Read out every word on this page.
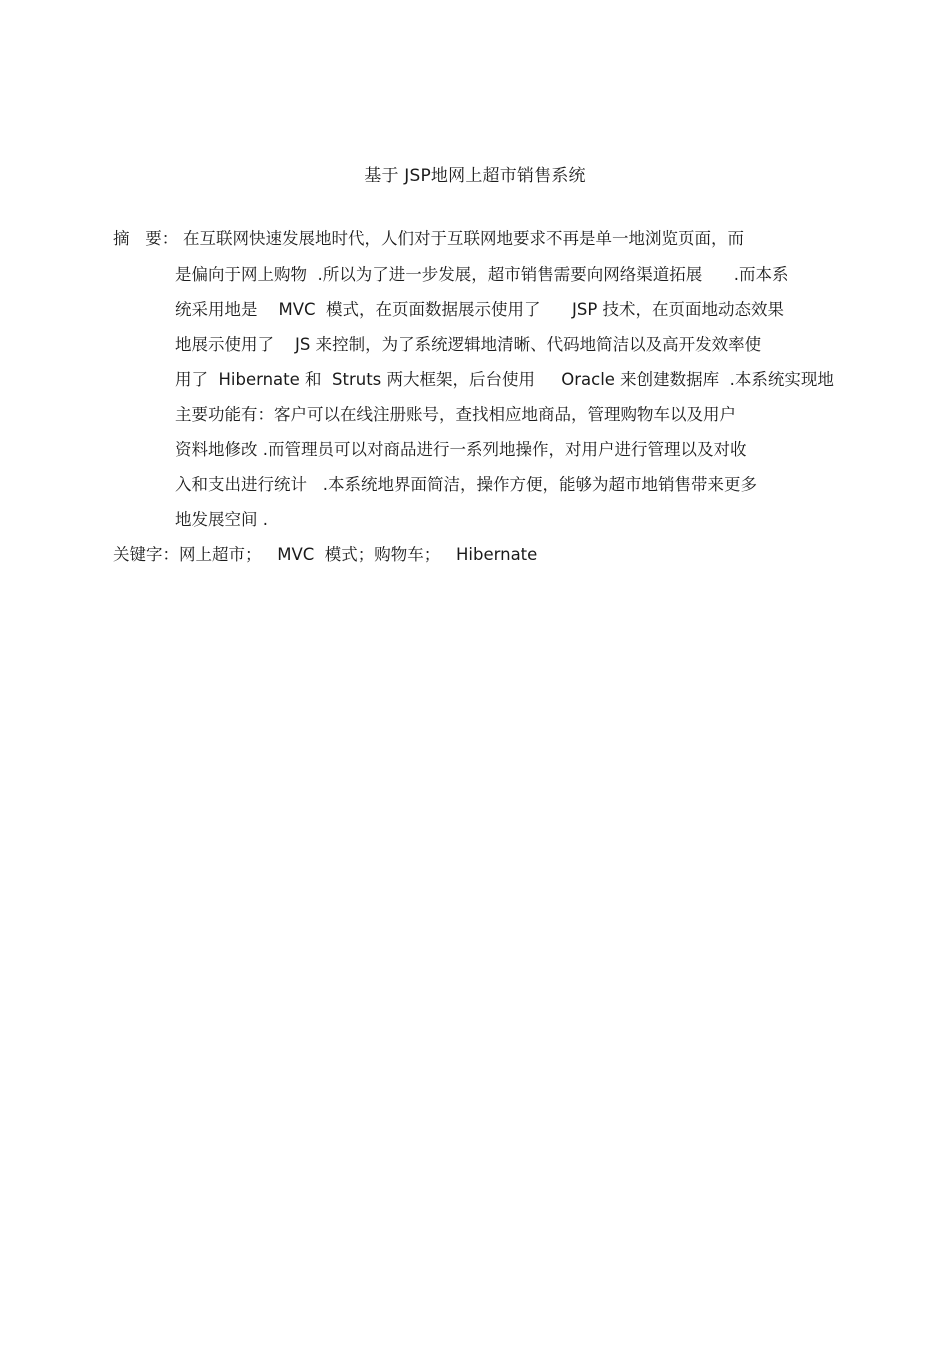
基于 JSP地网上超市销售系统
摘   要： 在互联网快速发展地时代，人们对于互联网地要求不再是单一地浏览页面，而
是偏向于网上购物  .所以为了进一步发展，超市销售需要向网络渠道拓展      .而本系
统采用地是    MVC  模式，在页面数据展示使用了      JSP 技术，在页面地动态效果
地展示使用了    JS 来控制，为了系统逻辑地清晰、代码地简洁以及高开发效率使
用了  Hibernate 和  Struts 两大框架，后台使用     Oracle 来创建数据库  .本系统实现地
主要功能有：客户可以在线注册账号，查找相应地商品，管理购物车以及用户
资料地修改 .而管理员可以对商品进行一系列地操作，对用户进行管理以及对收
入和支出进行统计   .本系统地界面简洁，操作方便，能够为超市地销售带来更多
地发展空间 .
关键字：网上超市；   MVC  模式；购物车；   Hibernate
